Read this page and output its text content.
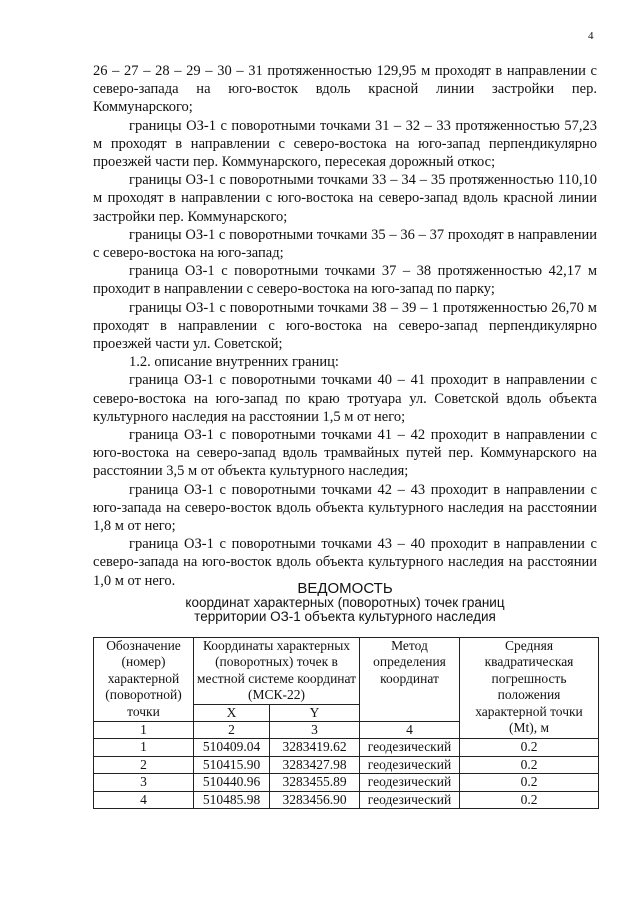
4

26 – 27 – 28 – 29 – 30 – 31 протяженностью 129,95 м проходят в направлении с северо-запада на юго-восток вдоль красной линии застройки пер. Коммунарского;

границы ОЗ-1 с поворотными точками 31 – 32 – 33 протяженностью 57,23 м проходят в направлении с северо-востока на юго-запад перпендикулярно проезжей части пер. Коммунарского, пересекая дорожный откос;

границы ОЗ-1 с поворотными точками 33 – 34 – 35 протяженностью 110,10 м проходят в направлении с юго-востока на северо-запад вдоль красной линии застройки пер. Коммунарского;

границы ОЗ-1 с поворотными точками 35 – 36 – 37 проходят в направлении с северо-востока на юго-запад;

граница ОЗ-1 с поворотными точками 37 – 38 протяженностью 42,17 м проходит в направлении с северо-востока на юго-запад по парку;

границы ОЗ-1 с поворотными точками 38 – 39 – 1 протяженностью 26,70 м проходят в направлении с юго-востока на северо-запад перпендикулярно проезжей части ул. Советской;

1.2. описание внутренних границ:

граница ОЗ-1 с поворотными точками 40 – 41 проходит в направлении с северо-востока на юго-запад по краю тротуара ул. Советской вдоль объекта культурного наследия на расстоянии 1,5 м от него;

граница ОЗ-1 с поворотными точками 41 – 42 проходит в направлении с юго-востока на северо-запад вдоль трамвайных путей пер. Коммунарского на расстоянии 3,5 м от объекта культурного наследия;

граница ОЗ-1 с поворотными точками 42 – 43 проходит в направлении с юго-запада на северо-восток вдоль объекта культурного наследия на расстоянии 1,8 м от него;

граница ОЗ-1 с поворотными точками 43 – 40 проходит в направлении с северо-запада на юго-восток вдоль объекта культурного наследия на расстоянии 1,0 м от него.	ВЕДОМОСТЬ
координат характерных (поворотных) точек границ
территории ОЗ-1 объекта культурного наследия
Обозначение (номер) характерной (поворотной) точки	Координаты характерных (поворотных) точек в местной системе координат (МСК-22)		Метод определения координат	Средняя квадратическая погрешность положения характерной точки (Mt), м
	X	Y		
1	2	3	4	

1	510409.04	3283419.62	геодезический	0.2
2	510415.90	3283427.98	геодезический	0.2
3	510440.96	3283455.89	геодезический	0.2
4	510485.98	3283456.90	геодезический	0.2
